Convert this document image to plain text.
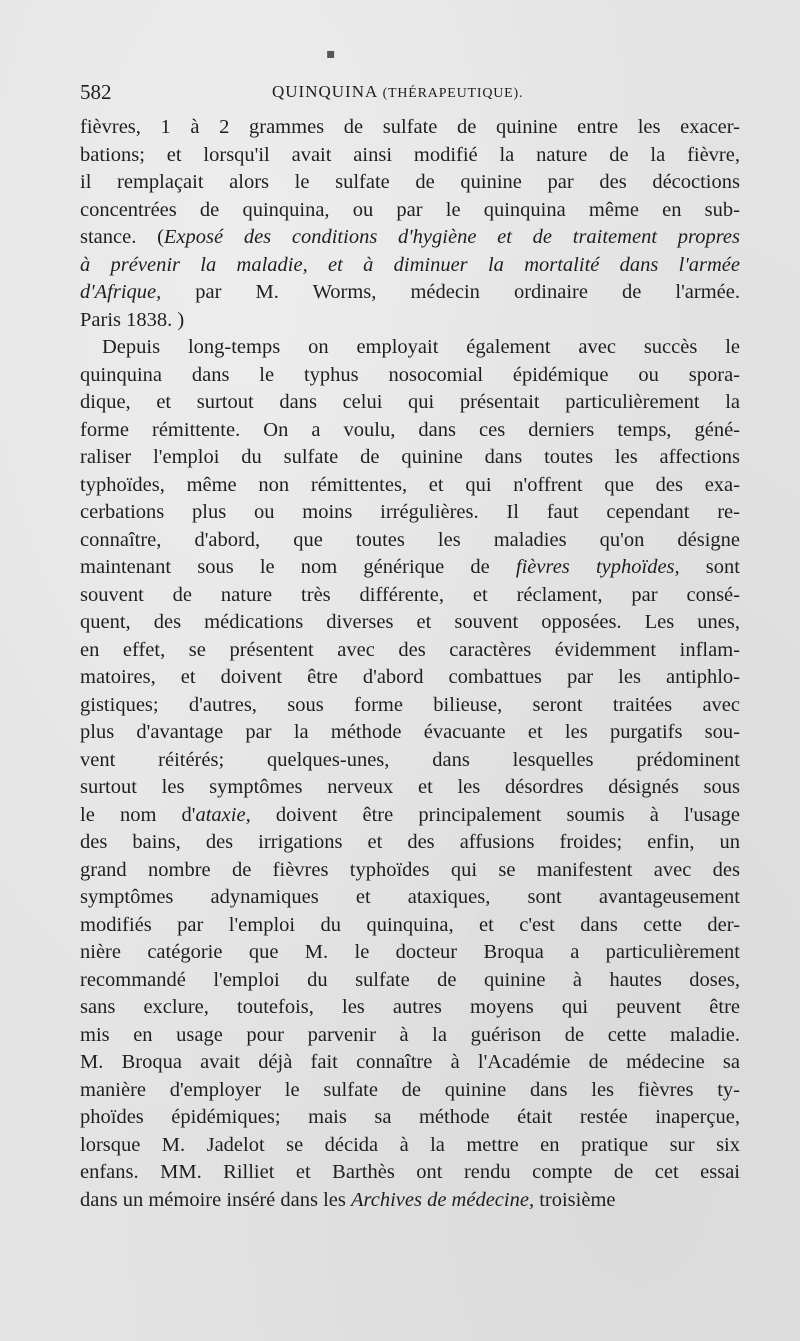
▪
582	QUINQUINA (THÉRAPEUTIQUE).
fièvres, 1 à 2 grammes de sulfate de quinine entre les exacer-
bations; et lorsqu'il avait ainsi modifié la nature de la fièvre,
il remplaçait alors le sulfate de quinine par des décoctions
concentrées de quinquina, ou par le quinquina même en sub-
stance. (Exposé des conditions d'hygiène et de traitement propres
à prévenir la maladie, et à diminuer la mortalité dans l'armée
d'Afrique, par M. Worms, médecin ordinaire de l'armée.
Paris 1838. )
Depuis long-temps on employait également avec succès le
quinquina dans le typhus nosocomial épidémique ou spora-
dique, et surtout dans celui qui présentait particulièrement la
forme rémittente. On a voulu, dans ces derniers temps, géné-
raliser l'emploi du sulfate de quinine dans toutes les affections
typhoïdes, même non rémittentes, et qui n'offrent que des exa-
cerbations plus ou moins irrégulières. Il faut cependant re-
connaître, d'abord, que toutes les maladies qu'on désigne
maintenant sous le nom générique de fièvres typhoïdes, sont
souvent de nature très différente, et réclament, par consé-
quent, des médications diverses et souvent opposées. Les unes,
en effet, se présentent avec des caractères évidemment inflam-
matoires, et doivent être d'abord combattues par les antiphlo-
gistiques; d'autres, sous forme bilieuse, seront traitées avec
plus d'avantage par la méthode évacuante et les purgatifs sou-
vent réitérés; quelques-unes, dans lesquelles prédominent
surtout les symptômes nerveux et les désordres désignés sous
le nom d'ataxie, doivent être principalement soumis à l'usage
des bains, des irrigations et des affusions froides; enfin, un
grand nombre de fièvres typhoïdes qui se manifestent avec des
symptômes adynamiques et ataxiques, sont avantageusement
modifiés par l'emploi du quinquina, et c'est dans cette der-
nière catégorie que M. le docteur Broqua a particulièrement
recommandé l'emploi du sulfate de quinine à hautes doses,
sans exclure, toutefois, les autres moyens qui peuvent être
mis en usage pour parvenir à la guérison de cette maladie.
M. Broqua avait déjà fait connaître à l'Académie de médecine sa
manière d'employer le sulfate de quinine dans les fièvres ty-
phoïdes épidémiques; mais sa méthode était restée inaperçue,
lorsque M. Jadelot se décida à la mettre en pratique sur six
enfans. MM. Rilliet et Barthès ont rendu compte de cet essai
dans un mémoire inséré dans les Archives de médecine, troisième
